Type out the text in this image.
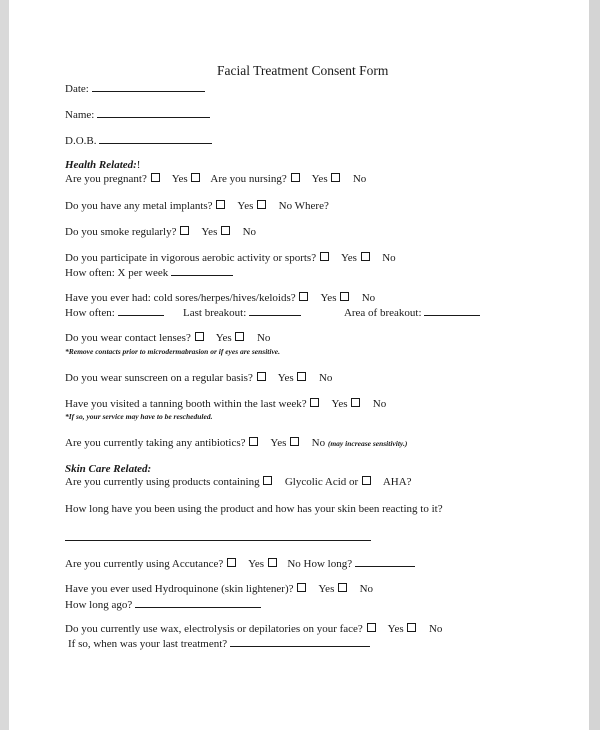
Facial Treatment Consent Form
Date:
Name:
D.O.B.
Health Related:!
Are you pregnant? Yes Are you nursing? Yes No
Do you have any metal implants? Yes No Where?
Do you smoke regularly? Yes No
Do you participate in vigorous aerobic activity or sports? Yes No
How often: X per week
Have you ever had: cold sores/herpes/hives/keloids? Yes No
How often:	Last breakout:	Area of breakout:
Do you wear contact lenses? Yes No
*Remove contacts prior to microdermabrasion or if eyes are sensitive.
Do you wear sunscreen on a regular basis? Yes No
Have you visited a tanning booth within the last week? Yes No
*If so, your service may have to be rescheduled.
Are you currently taking any antibiotics? Yes No (may increase sensitivity.)
Skin Care Related:
Are you currently using products containing Glycolic Acid or AHA?
How long have you been using the product and how has your skin been reacting to it?
Are you currently using Accutance? Yes No How long?
Have you ever used Hydroquinone (skin lightener)? Yes No
How long ago?
Do you currently use wax, electrolysis or depilatories on your face? Yes No
If so, when was your last treatment?
